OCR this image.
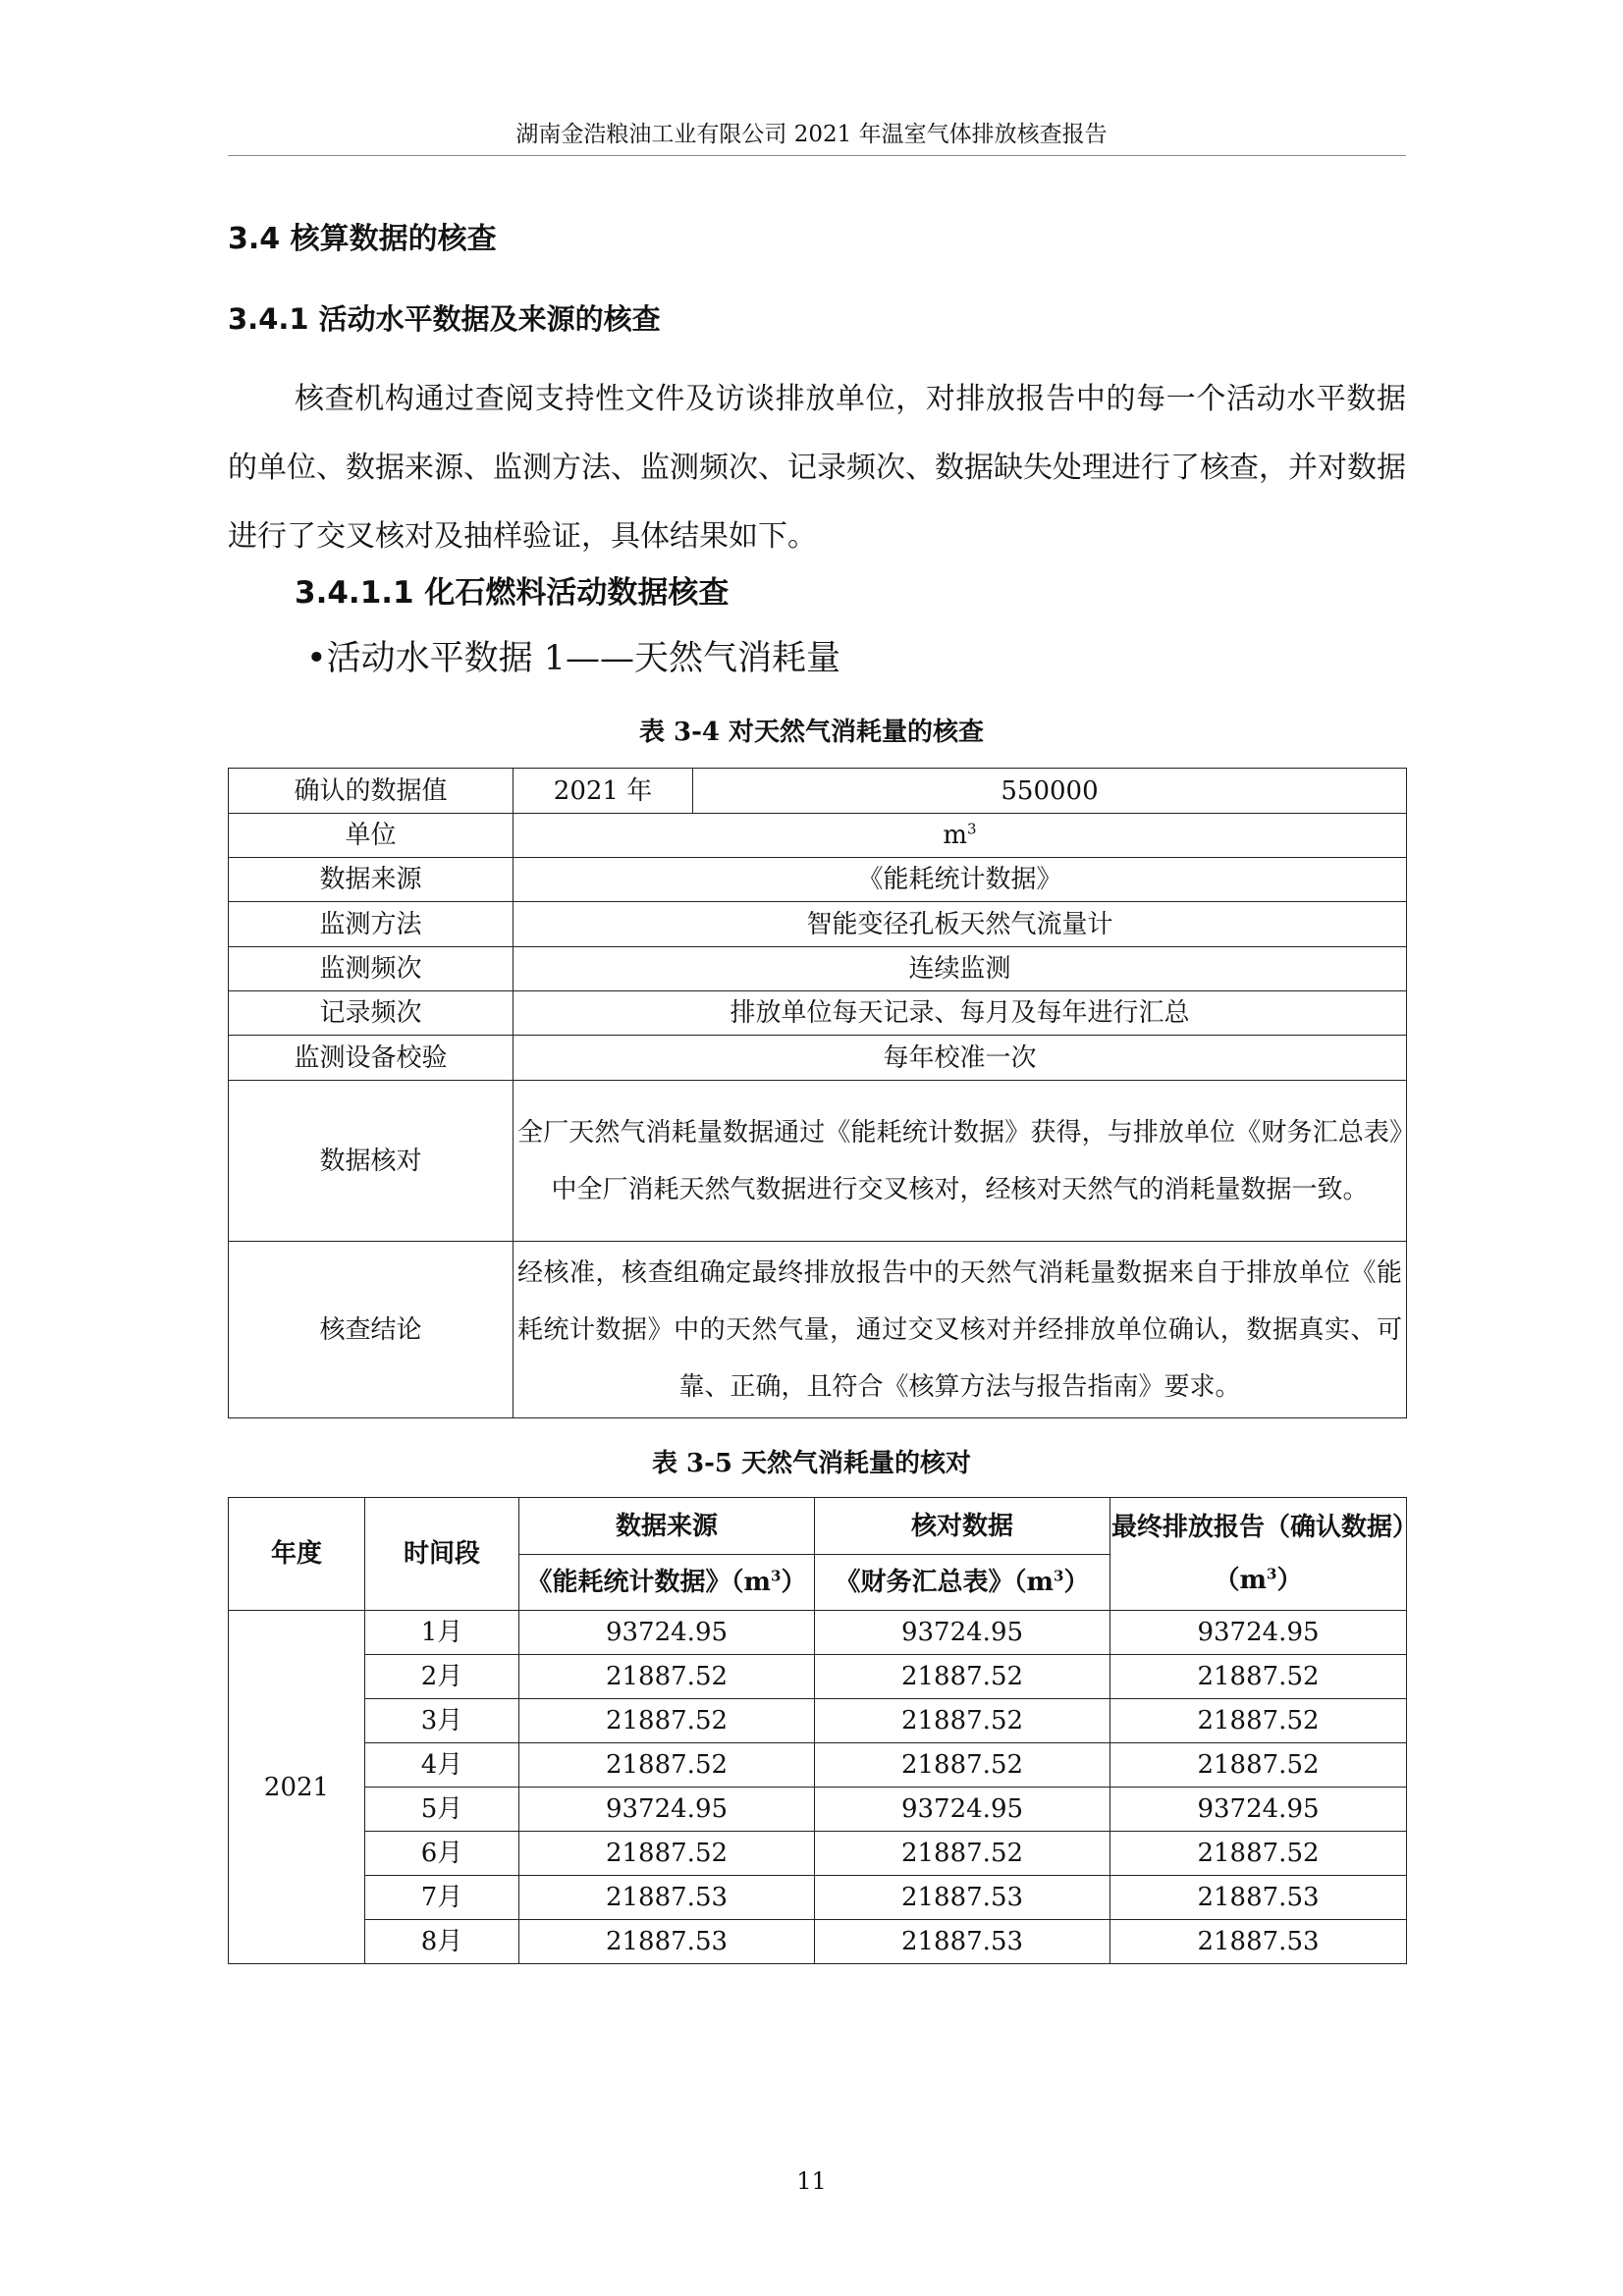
湖南金浩粮油工业有限公司 2021 年温室气体排放核查报告
3.4 核算数据的核查
3.4.1 活动水平数据及来源的核查
核查机构通过查阅支持性文件及访谈排放单位，对排放报告中的每一个活动水平数据的单位、数据来源、监测方法、监测频次、记录频次、数据缺失处理进行了核查，并对数据进行了交叉核对及抽样验证，具体结果如下。
3.4.1.1 化石燃料活动数据核查
•活动水平数据 1——天然气消耗量
表 3-4 对天然气消耗量的核查
确认的数据值	2021 年	550000
单位	$m^3$
数据来源	《能耗统计数据》	
监测方法	智能变径孔板天然气流量计	
监测频次	连续监测	
记录频次	排放单位每天记录、每月及每年进行汇总	
监测设备校验	每年校准一次	
数据核对	全厂天然气消耗量数据通过《能耗统计数据》获得，与排放单位《财务汇总表》中全厂消耗天然气数据进行交叉核对，经核对天然气的消耗量数据一致。	
核查结论	经核准，核查组确定最终排放报告中的天然气消耗量数据来自于排放单位《能耗统计数据》中的天然气量，通过交叉核对并经排放单位确认，数据真实、可靠、正确，且符合《核算方法与报告指南》要求。	
表 3-5 天然气消耗量的核对
年度	时间段	数据来源	核对数据	最终排放报告（确认数据）$(m^3)$
		《能耗统计数据》$(m^3)$	《财务汇总表》$(m^3)$	
2021	1月	93724.95	93724.95	93724.95
	2月	21887.52	21887.52	21887.52
	3月	21887.52	21887.52	21887.52
	4月	21887.52	21887.52	21887.52
	5月	93724.95	93724.95	93724.95
	6月	21887.52	21887.52	21887.52
	7月	21887.53	21887.53	21887.53
	8月	21887.53	21887.53	21887.53
11
